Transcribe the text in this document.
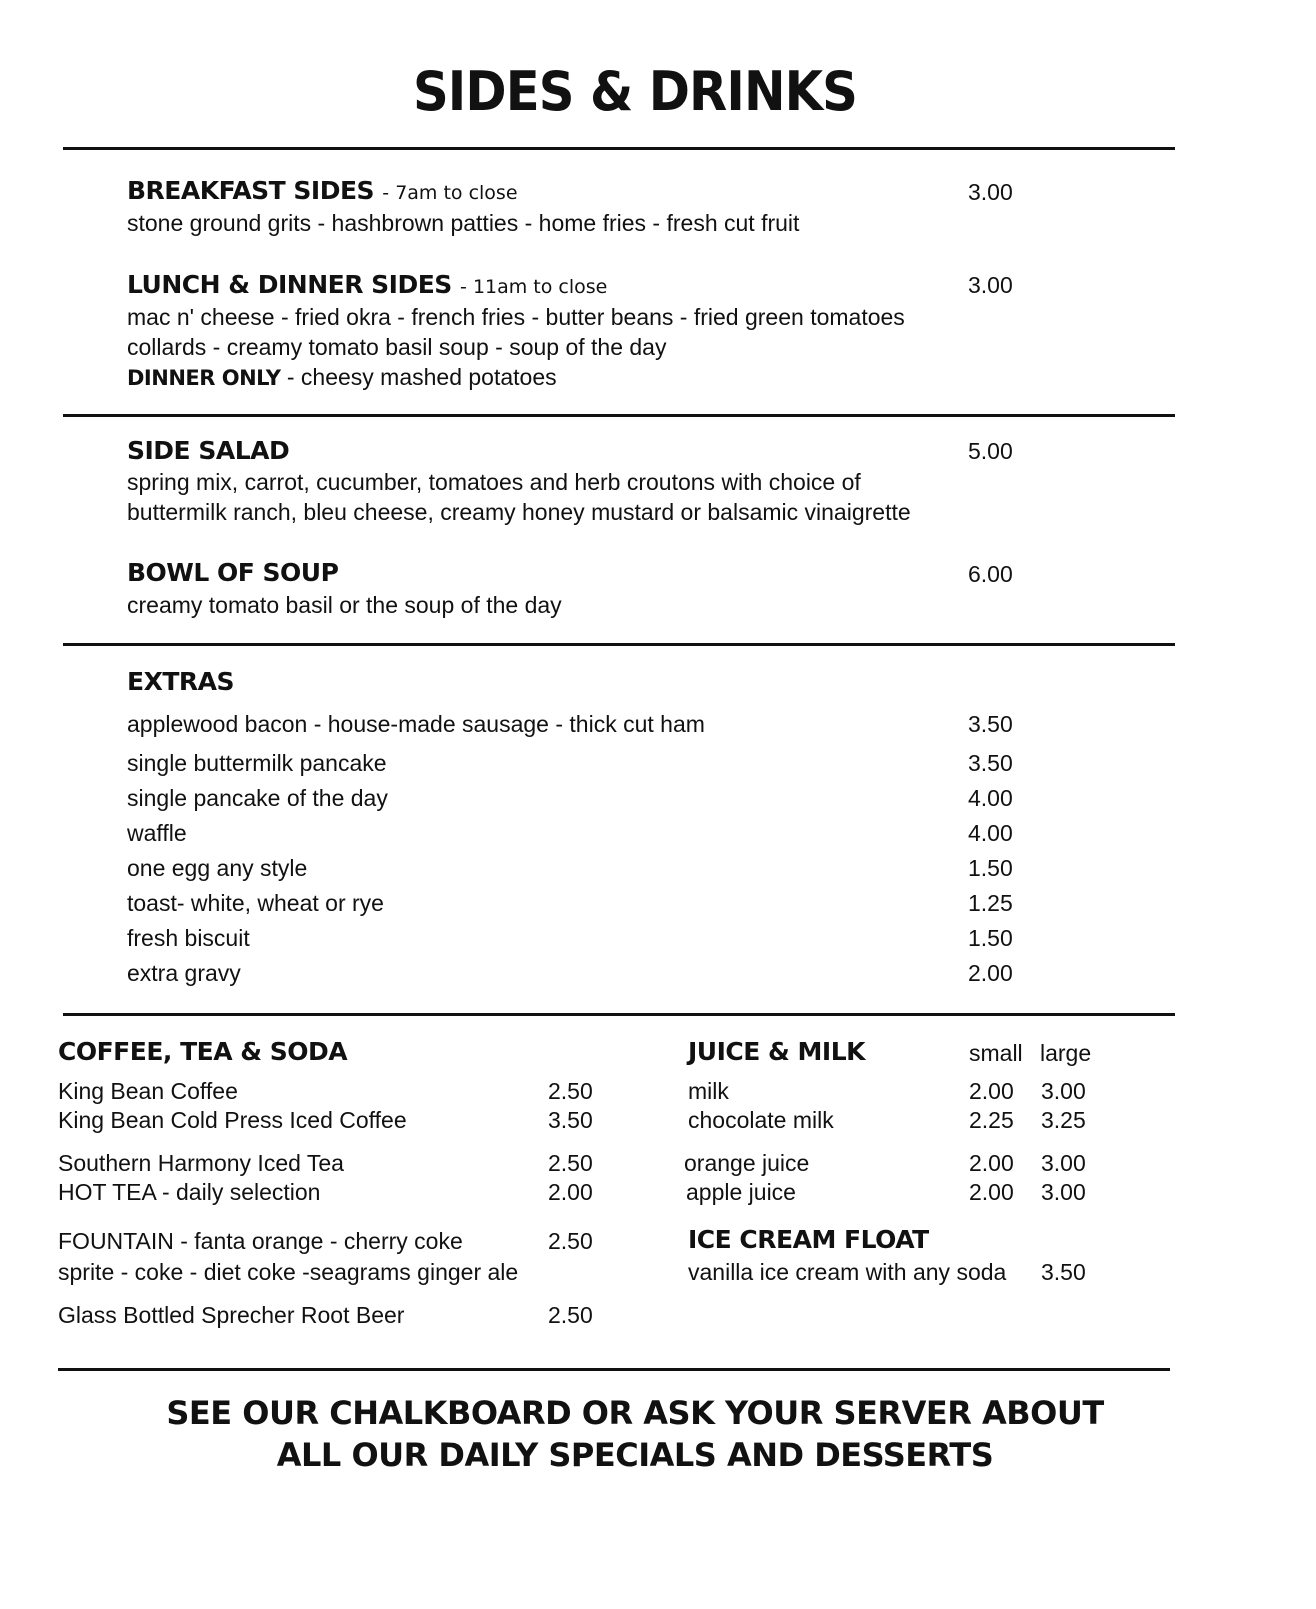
SIDES & DRINKS
BREAKFAST SIDES - 7am to close	3.00
stone ground grits - hashbrown patties - home fries - fresh cut fruit
LUNCH & DINNER SIDES - 11am to close	3.00
mac n' cheese - fried okra - french fries - butter beans - fried green tomatoes
collards - creamy tomato basil soup - soup of the day
DINNER ONLY - cheesy mashed potatoes
SIDE SALAD	5.00
spring mix, carrot, cucumber, tomatoes and herb croutons with choice of
buttermilk ranch, bleu cheese, creamy honey mustard or balsamic vinaigrette
BOWL OF SOUP	6.00
creamy tomato basil or the soup of the day
EXTRAS
applewood bacon - house-made sausage - thick cut ham	3.50
single buttermilk pancake	3.50
single pancake of the day	4.00
waffle	4.00
one egg any style	1.50
toast- white, wheat or rye	1.25
fresh biscuit	1.50
extra gravy	2.00
COFFEE, TEA & SODA
King Bean Coffee	2.50
King Bean Cold Press Iced Coffee	3.50
Southern Harmony Iced Tea	2.50
HOT TEA - daily selection	2.00
FOUNTAIN - fanta orange - cherry coke	2.50
sprite - coke - diet coke -seagrams ginger ale
Glass Bottled Sprecher Root Beer	2.50
JUICE & MILK	small large
milk	2.00 3.00
chocolate milk	2.25 3.25
orange juice	2.00 3.00
apple juice	2.00 3.00
ICE CREAM FLOAT
vanilla ice cream with any soda 3.50
SEE OUR CHALKBOARD OR ASK YOUR SERVER ABOUT
ALL OUR DAILY SPECIALS AND DESSERTS
